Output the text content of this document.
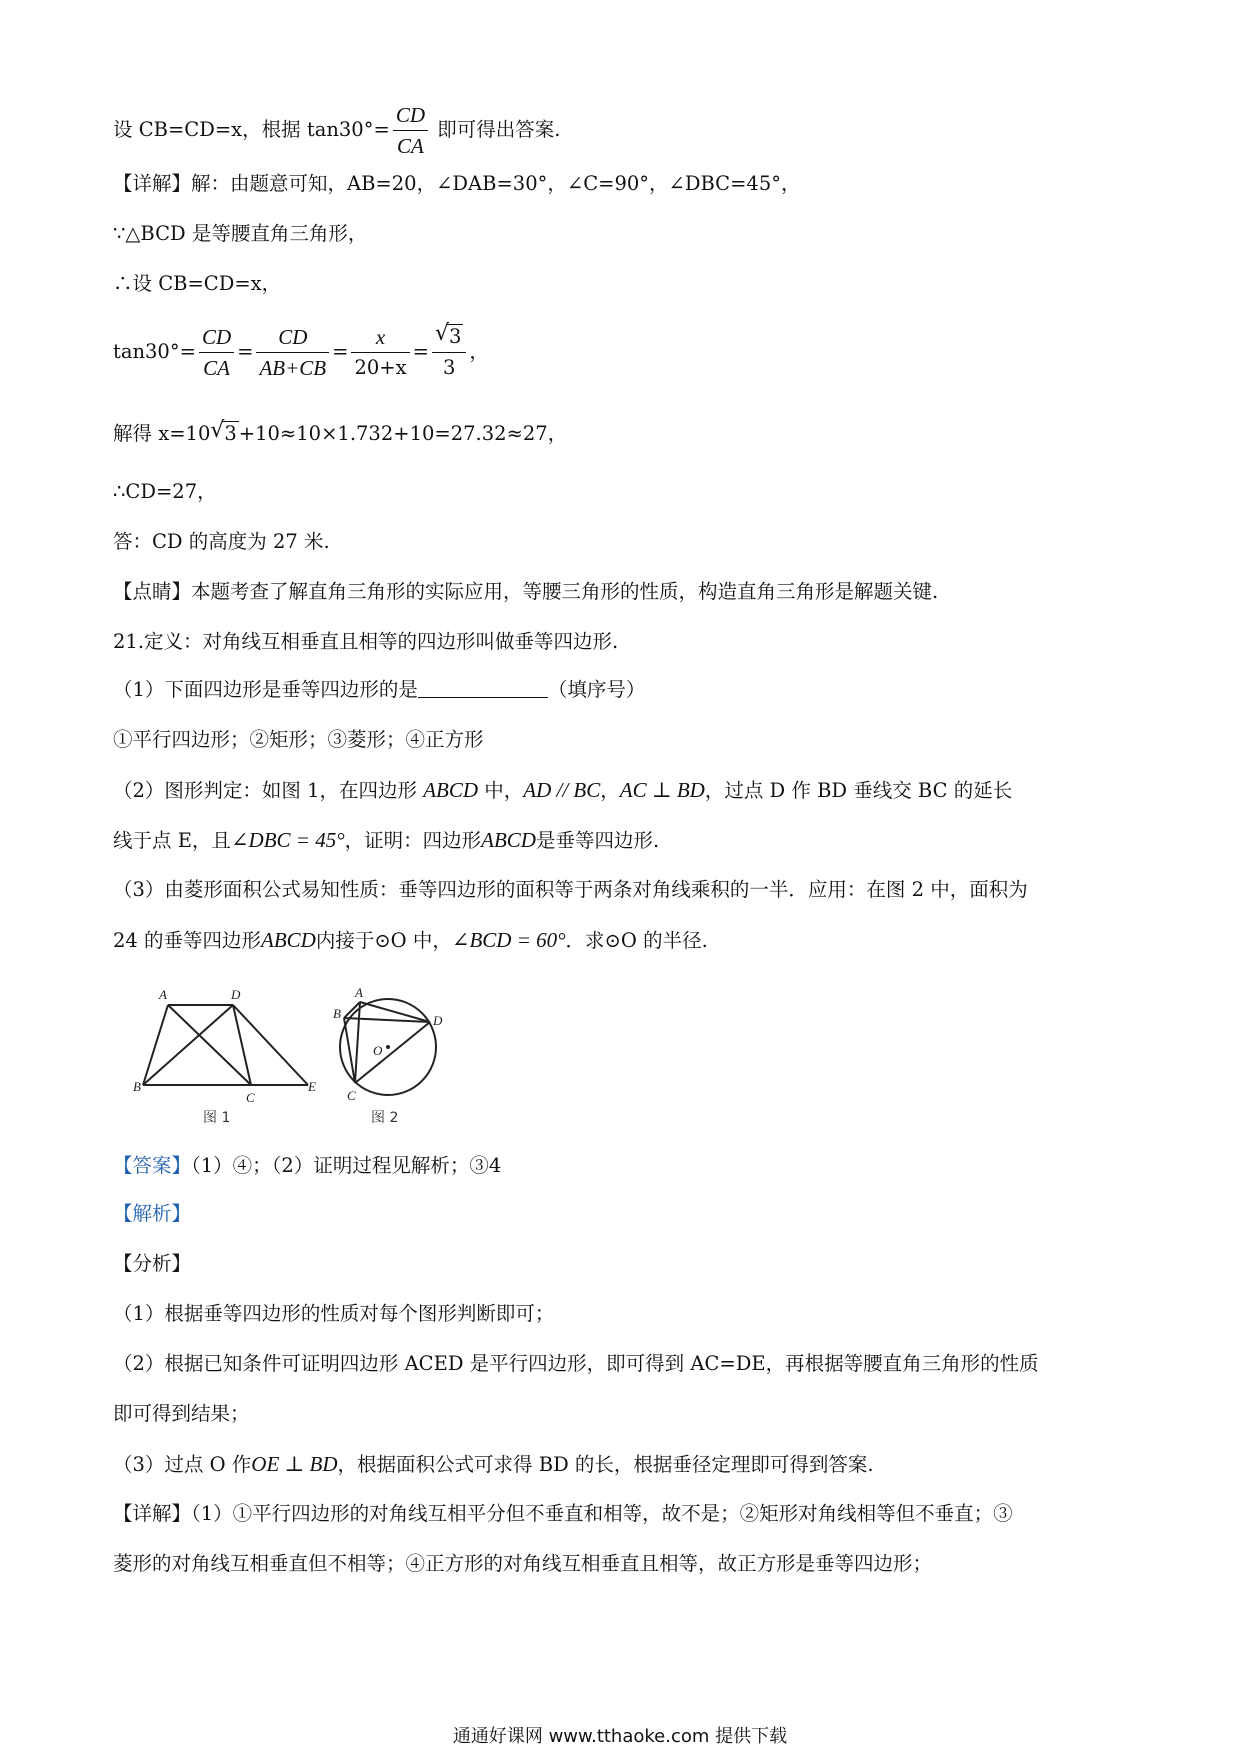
设 CB=CD=x，根据 $\tan 30^\circ= \frac{CD}{CA}$ 即可得出答案.
【详解】解：由题意可知，AB=20，∠DAB=30°，∠C=90°，∠DBC=45°，
∵△BCD 是等腰直角三角形，
∴设 CB=CD=x，
$\tan 30^\circ= \frac{CD}{CA} = \frac{CD}{AB+CB} = \frac{x}{20+x} = \frac{√ 3}{3}$ ，
解得 x=10 √ 3 +10≈10×1.732+10=27.32≈27，
∴CD=27，
答：CD 的高度为 27 米.
【点睛】本题考查了解直角三角形的实际应用，等腰三角形的性质，构造直角三角形是解题关键.
21.定义：对角线互相垂直且相等的四边形叫做垂等四边形.
（1）下面四边形是垂等四边形的是	（填序号）
①平行四边形；②矩形；③菱形；④正方形
（2）图形判定：如图 1，在四边形 ABCD 中，AD // BC，AC ⊥ BD，过点 D 作 BD 垂线交 BC 的延长
线于点 E，且∠DBC = 45°，证明：四边形ABCD是垂等四边形.
（3）由菱形面积公式易知性质：垂等四边形的面积等于两条对角线乘积的一半．应用：在图 2 中，面积为
24 的垂等四边形ABCD内接于⊙O 中，∠BCD = 60°．求⊙O 的半径.
A	D
B
C
E
图 1
A
B
C
D
O
图 2
【答案】（1）④；（2）证明过程见解析；③4
【解析】
【分析】
（1）根据垂等四边形的性质对每个图形判断即可；
（2）根据已知条件可证明四边形 ACED 是平行四边形，即可得到 AC=DE，再根据等腰直角三角形的性质
即可得到结果；
（3）过点 O 作OE ⊥ BD，根据面积公式可求得 BD 的长，根据垂径定理即可得到答案.
【详解】（1）①平行四边形的对角线互相平分但不垂直和相等，故不是；②矩形对角线相等但不垂直；③
菱形的对角线互相垂直但不相等；④正方形的对角线互相垂直且相等，故正方形是垂等四边形；
通通好课网 www.tthaoke.com 提供下载
